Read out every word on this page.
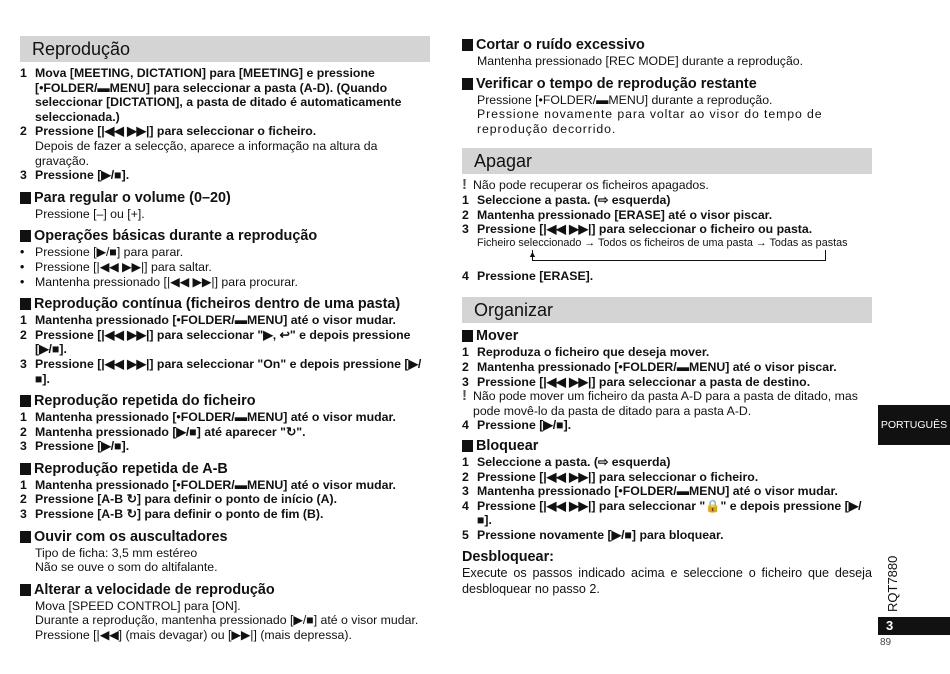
Reprodução
1 Mova [MEETING, DICTATION] para [MEETING] e pressione [•FOLDER/▬MENU] para seleccionar a pasta (A-D). (Quando seleccionar [DICTATION], a pasta de ditado é automaticamente seleccionada.)
2 Pressione [|◀◀ ▶▶|] para seleccionar o ficheiro.
Depois de fazer a selecção, aparece a informação na altura da gravação.
3 Pressione [▶/■].
Para regular o volume (0–20)
Pressione [–] ou [+].
Operações básicas durante a reprodução
• Pressione [▶/■] para parar.
• Pressione [|◀◀ ▶▶|] para saltar.
• Mantenha pressionado [|◀◀ ▶▶|] para procurar.
Reprodução contínua (ficheiros dentro de uma pasta)
1 Mantenha pressionado [•FOLDER/▬MENU] até o visor mudar.
2 Pressione [|◀◀ ▶▶|] para seleccionar "▶, ↩" e depois pressione [▶/■].
3 Pressione [|◀◀ ▶▶|] para seleccionar "On" e depois pressione [▶/■].
Reprodução repetida do ficheiro
1 Mantenha pressionado [•FOLDER/▬MENU] até o visor mudar.
2 Mantenha pressionado [▶/■] até aparecer "↻".
3 Pressione [▶/■].
Reprodução repetida de A-B
1 Mantenha pressionado [•FOLDER/▬MENU] até o visor mudar.
2 Pressione [A-B ↻] para definir o ponto de início (A).
3 Pressione [A-B ↻] para definir o ponto de fim (B).
Ouvir com os auscultadores
Tipo de ficha: 3,5 mm estéreo
Não se ouve o som do altifalante.
Alterar a velocidade de reprodução
Mova [SPEED CONTROL] para [ON].
Durante a reprodução, mantenha pressionado [▶/■] até o visor mudar.
Pressione [|◀◀] (mais devagar) ou [▶▶|] (mais depressa).
Cortar o ruído excessivo
Mantenha pressionado [REC MODE] durante a reprodução.
Verificar o tempo de reprodução restante
Pressione [•FOLDER/▬MENU] durante a reprodução.
Pressione novamente para voltar ao visor do tempo de reprodução decorrido.
Apagar
! Não pode recuperar os ficheiros apagados.
1 Seleccione a pasta. (⇨ esquerda)
2 Mantenha pressionado [ERASE] até o visor piscar.
3 Pressione [|◀◀ ▶▶|] para seleccionar o ficheiro ou pasta.
Ficheiro seleccionado → Todos os ficheiros de uma pasta → Todas as pastas
▲
4 Pressione [ERASE].
Organizar
Mover
1 Reproduza o ficheiro que deseja mover.
2 Mantenha pressionado [•FOLDER/▬MENU] até o visor piscar.
3 Pressione [|◀◀ ▶▶|] para seleccionar a pasta de destino.
! Não pode mover um ficheiro da pasta A-D para a pasta de ditado, mas pode movê-lo da pasta de ditado para a pasta A-D.
4 Pressione [▶/■].
Bloquear
1 Seleccione a pasta. (⇨ esquerda)
2 Pressione [|◀◀ ▶▶|] para seleccionar o ficheiro.
3 Mantenha pressionado [•FOLDER/▬MENU] até o visor mudar.
4 Pressione [|◀◀ ▶▶|] para seleccionar "🔒" e depois pressione [▶/■].
5 Pressione novamente [▶/■] para bloquear.
Desbloquear:
Execute os passos indicado acima e seleccione o ficheiro que deseja desbloquear no passo 2.
PORTUGUÊS
RQT7880
3
89
